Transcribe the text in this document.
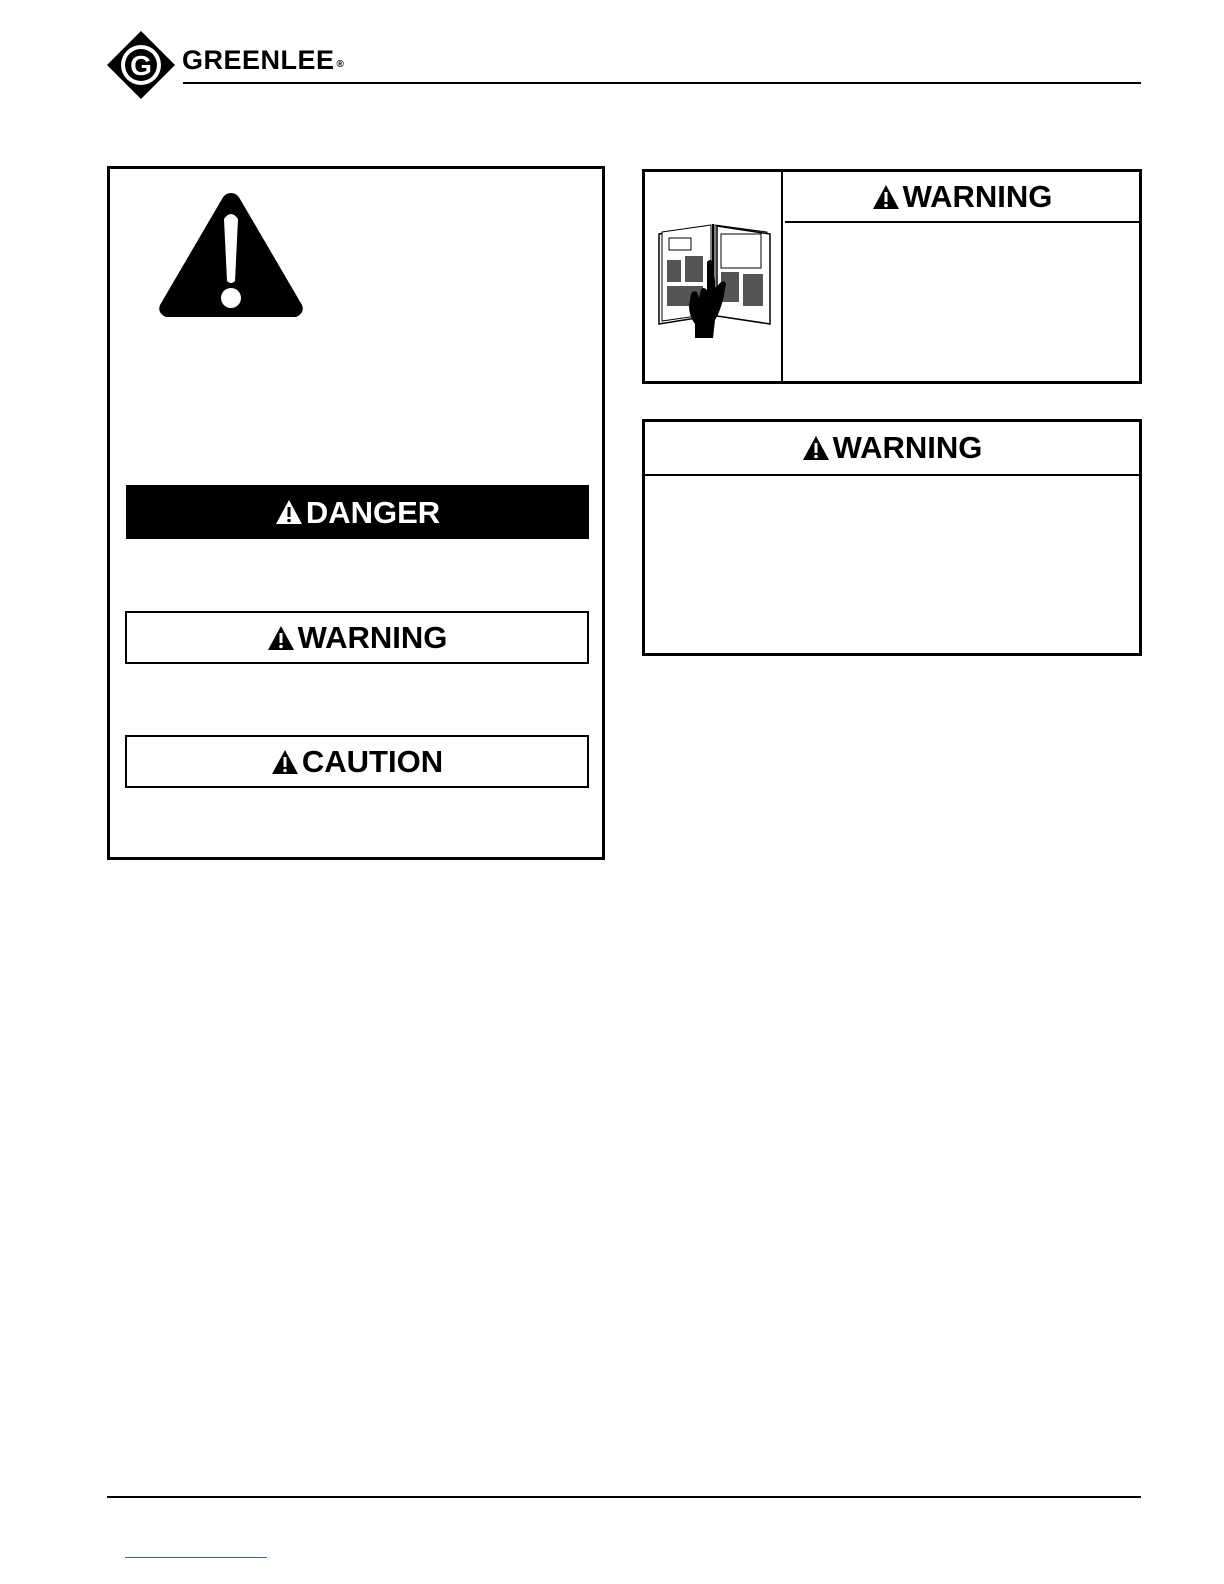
G GREENLEE ®
DANGER
WARNING
CAUTION
WARNING
WARNING
